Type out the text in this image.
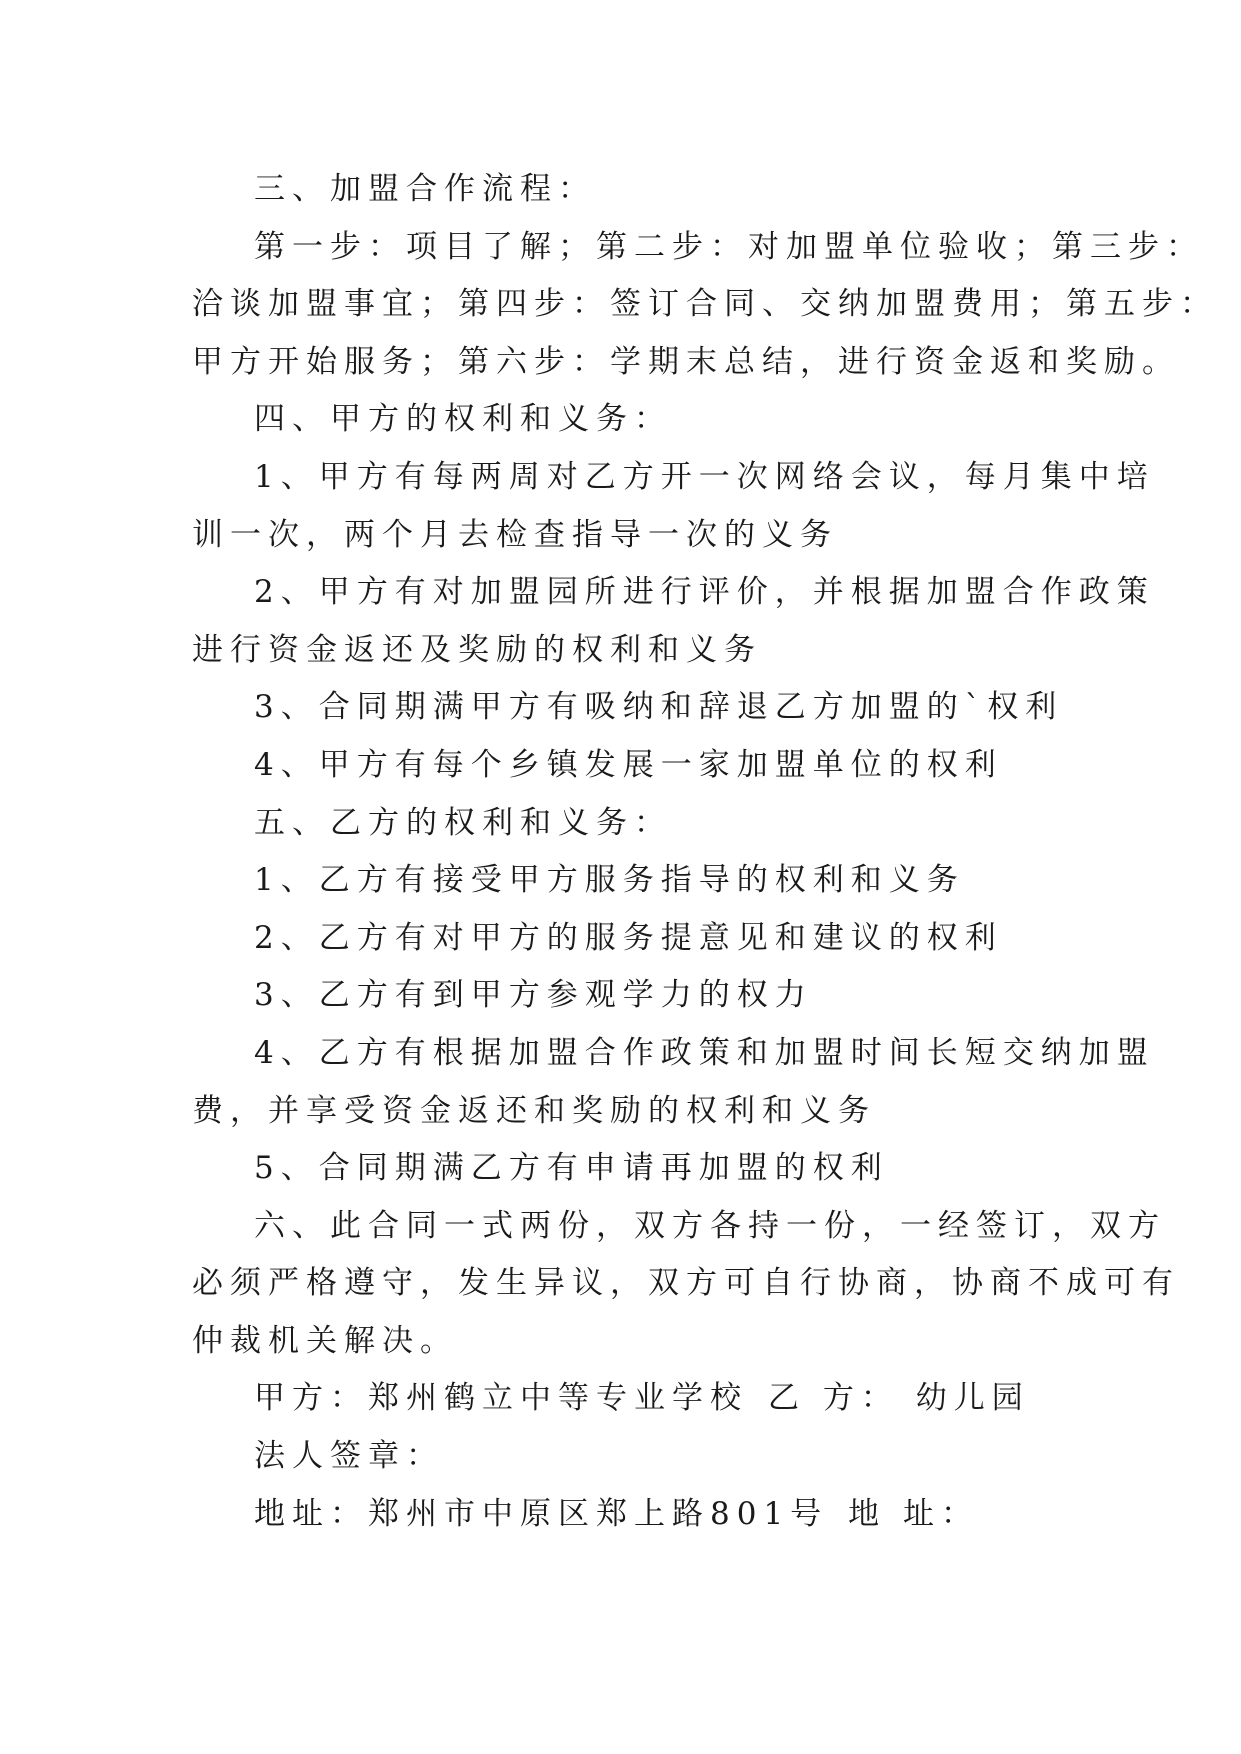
三、加盟合作流程：

第一步：项目了解；第二步：对加盟单位验收；第三步：

洽谈加盟事宜；第四步：签订合同、交纳加盟费用；第五步：

甲方开始服务；第六步：学期末总结，进行资金返和奖励。

四、甲方的权利和义务：

1、甲方有每两周对乙方开一次网络会议，每月集中培

训一次，两个月去检查指导一次的义务

2、甲方有对加盟园所进行评价，并根据加盟合作政策

进行资金返还及奖励的权利和义务

3、合同期满甲方有吸纳和辞退乙方加盟的`权利

4、甲方有每个乡镇发展一家加盟单位的权利

五、乙方的权利和义务：

1、乙方有接受甲方服务指导的权利和义务

2、乙方有对甲方的服务提意见和建议的权利

3、乙方有到甲方参观学力的权力

4、乙方有根据加盟合作政策和加盟时间长短交纳加盟

费，并享受资金返还和奖励的权利和义务

5、合同期满乙方有申请再加盟的权利

六、此合同一式两份，双方各持一份，一经签订，双方

必须严格遵守，发生异议，双方可自行协商，协商不成可有

仲裁机关解决。

甲方：郑州鹤立中等专业学校 乙 方： 幼儿园

法人签章：

地址：郑州市中原区郑上路801号 地 址：
